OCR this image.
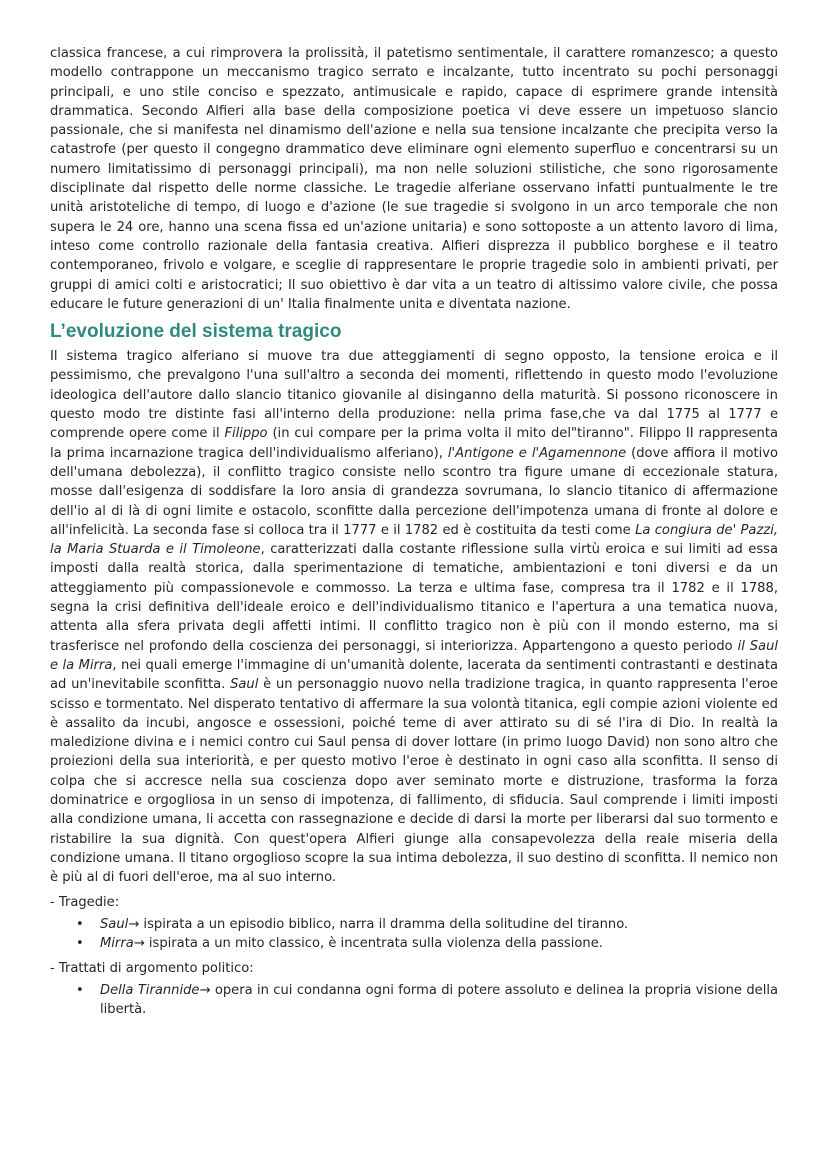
classica francese, a cui rimprovera la prolissità, il patetismo sentimentale, il carattere romanzesco; a questo modello contrappone un meccanismo tragico serrato e incalzante, tutto incentrato su pochi personaggi principali, e uno stile conciso e spezzato, antimusicale e rapido, capace di esprimere grande intensità drammatica. Secondo Alfieri alla base della composizione poetica vi deve essere un impetuoso slancio passionale, che si manifesta nel dinamismo dell'azione e nella sua tensione incalzante che precipita verso la catastrofe (per questo il congegno drammatico deve eliminare ogni elemento superfluo e concentrarsi su un numero limitatissimo di personaggi principali), ma non nelle soluzioni stilistiche, che sono rigorosamente disciplinate dal rispetto delle norme classiche. Le tragedie alferiane osservano infatti puntualmente le tre unità aristoteliche di tempo, di luogo e d'azione (le sue tragedie si svolgono in un arco temporale che non supera le 24 ore, hanno una scena fissa ed un'azione unitaria) e sono sottoposte a un attento lavoro di lima, inteso come controllo razionale della fantasia creativa. Alfieri disprezza il pubblico borghese e il teatro contemporaneo, frivolo e volgare, e sceglie di rappresentare le proprie tragedie solo in ambienti privati, per gruppi di amici colti e aristocratici; Il suo obiettivo è dar vita a un teatro di altissimo valore civile, che possa educare le future generazioni di un' Italia finalmente unita e diventata nazione.

L’evoluzione del sistema tragico

Il sistema tragico alferiano si muove tra due atteggiamenti di segno opposto, la tensione eroica e il pessimismo, che prevalgono l'una sull'altro a seconda dei momenti, riflettendo in questo modo l'evoluzione ideologica dell'autore dallo slancio titanico giovanile al disinganno della maturità. Si possono riconoscere in questo modo tre distinte fasi all'interno della produzione: nella prima fase,che va dal 1775 al 1777 e comprende opere come il Filippo (in cui compare per la prima volta il mito del"tiranno". Filippo II rappresenta la prima incarnazione tragica dell'individualismo alferiano), l'Antigone e l'Agamennone (dove affiora il motivo dell'umana debolezza), il conflitto tragico consiste nello scontro tra figure umane di eccezionale statura, mosse dall'esigenza di soddisfare la loro ansia di grandezza sovrumana, lo slancio titanico di affermazione dell'io al di là di ogni limite e ostacolo, sconfitte dalla percezione dell'impotenza umana di fronte al dolore e all'infelicità. La seconda fase si colloca tra il 1777 e il 1782 ed è costituita da testi come La congiura de' Pazzi, la Maria Stuarda e il Timoleone, caratterizzati dalla costante riflessione sulla virtù eroica e sui limiti ad essa imposti dalla realtà storica, dalla sperimentazione di tematiche, ambientazioni e toni diversi e da un atteggiamento più compassionevole e commosso. La terza e ultima fase, compresa tra il 1782 e il 1788, segna la crisi definitiva dell'ideale eroico e dell'individualismo titanico e l'apertura a una tematica nuova, attenta alla sfera privata degli affetti intimi. Il conflitto tragico non è più con il mondo esterno, ma si trasferisce nel profondo della coscienza dei personaggi, si interiorizza. Appartengono a questo periodo il Saul e la Mirra, nei quali emerge l'immagine di un'umanità dolente, lacerata da sentimenti contrastanti e destinata ad un'inevitabile sconfitta. Saul è un personaggio nuovo nella tradizione tragica, in quanto rappresenta l'eroe scisso e tormentato. Nel disperato tentativo di affermare la sua volontà titanica, egli compie azioni violente ed è assalito da incubi, angosce e ossessioni, poiché teme di aver attirato su di sé l'ira di Dio. In realtà la maledizione divina e i nemici contro cui Saul pensa di dover lottare (in primo luogo David) non sono altro che proiezioni della sua interiorità, e per questo motivo l'eroe è destinato in ogni caso alla sconfitta. Il senso di colpa che si accresce nella sua coscienza dopo aver seminato morte e distruzione, trasforma la forza dominatrice e orgogliosa in un senso di impotenza, di fallimento, di sfiducia. Saul comprende i limiti imposti alla condizione umana, li accetta con rassegnazione e decide di darsi la morte per liberarsi dal suo tormento e ristabilire la sua dignità. Con quest'opera Alfieri giunge alla consapevolezza della reale miseria della condizione umana. Il titano orgoglioso scopre la sua intima debolezza, il suo destino di sconfitta. Il nemico non è più al di fuori dell'eroe, ma al suo interno.

- Tragedie:
• Saul→ ispirata a un episodio biblico, narra il dramma della solitudine del tiranno.
• Mirra→ ispirata a un mito classico, è incentrata sulla violenza della passione.
- Trattati di argomento politico:
• Della Tirannide→ opera in cui condanna ogni forma di potere assoluto e delinea la propria visione della libertà.
